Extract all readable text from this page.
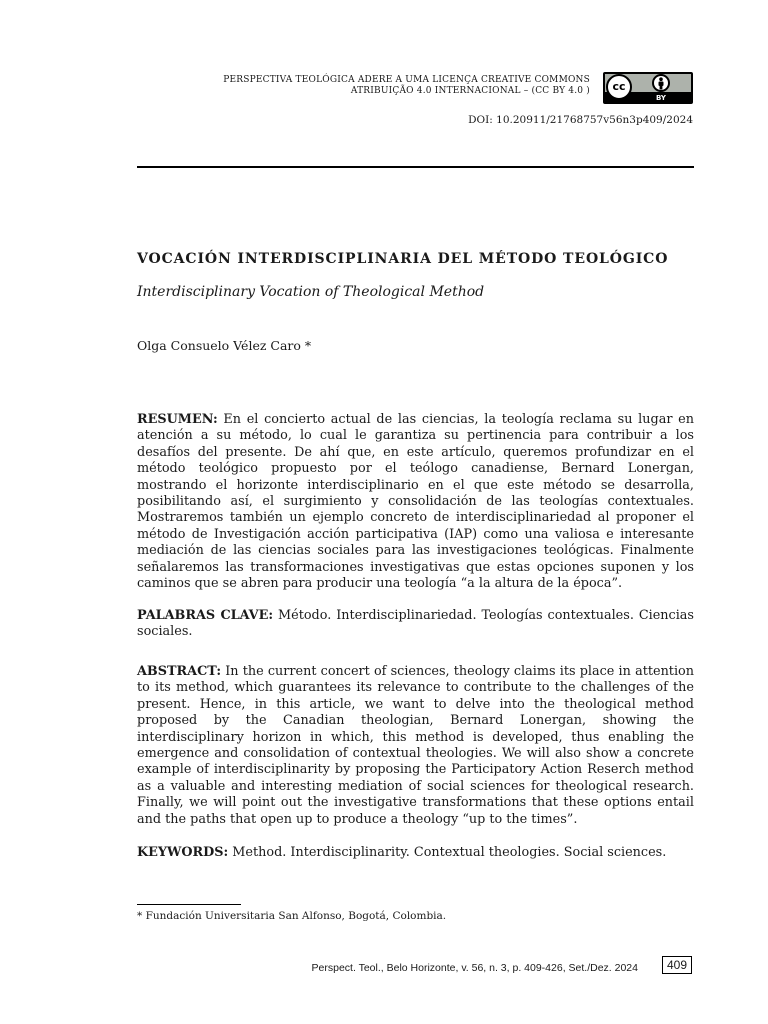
PERSPECTIVA TEOLÓGICA ADERE A UMA LICENÇA CREATIVE COMMONS
ATRIBUIÇÃO 4.0 INTERNACIONAL – (CC BY 4.0 )	cc
BY
DOI: 10.20911/21768757v56n3p409/2024
VOCACIÓN INTERDISCIPLINARIA DEL MÉTODO TEOLÓGICO
Interdisciplinary Vocation of Theological Method
Olga Consuelo Vélez Caro *

RESUMEN: En el concierto actual de las ciencias, la teología reclama su lugar en atención a su método, lo cual le garantiza su pertinencia para contribuir a los desafíos del presente. De ahí que, en este artículo, queremos profundizar en el método teológico propuesto por el teólogo canadiense, Bernard Lonergan, mostrando el horizonte interdisciplinario en el que este método se desarrolla, posibilitando así, el surgimiento y consolidación de las teologías contextuales. Mostraremos también un ejemplo concreto de interdisciplinariedad al proponer el método de Investigación acción participativa (IAP) como una valiosa e interesante mediación de las ciencias sociales para las investigaciones teológicas. Finalmente señalaremos las transformaciones investigativas que estas opciones suponen y los caminos que se abren para producir una teología “a la altura de la época”.

PALABRAS CLAVE: Método. Interdisciplinariedad. Teologías contextuales. Ciencias sociales.

ABSTRACT: In the current concert of sciences, theology claims its place in attention to its method, which guarantees its relevance to contribute to the challenges of the present. Hence, in this article, we want to delve into the theological method proposed by the Canadian theologian, Bernard Lonergan, showing the interdisciplinary horizon in which, this method is developed, thus enabling the emergence and consolidation of contextual theologies. We will also show a concrete example of interdisciplinarity by proposing the Participatory Action Reserch method as a valuable and interesting mediation of social sciences for theological research. Finally, we will point out the investigative transformations that these options entail and the paths that open up to produce a theology “up to the times”.

KEYWORDS: Method. Interdisciplinarity. Contextual theologies. Social sciences.

* Fundación Universitaria San Alfonso, Bogotá, Colombia.
Perspect. Teol., Belo Horizonte, v. 56, n. 3, p. 409-426, Set./Dez. 2024	409
